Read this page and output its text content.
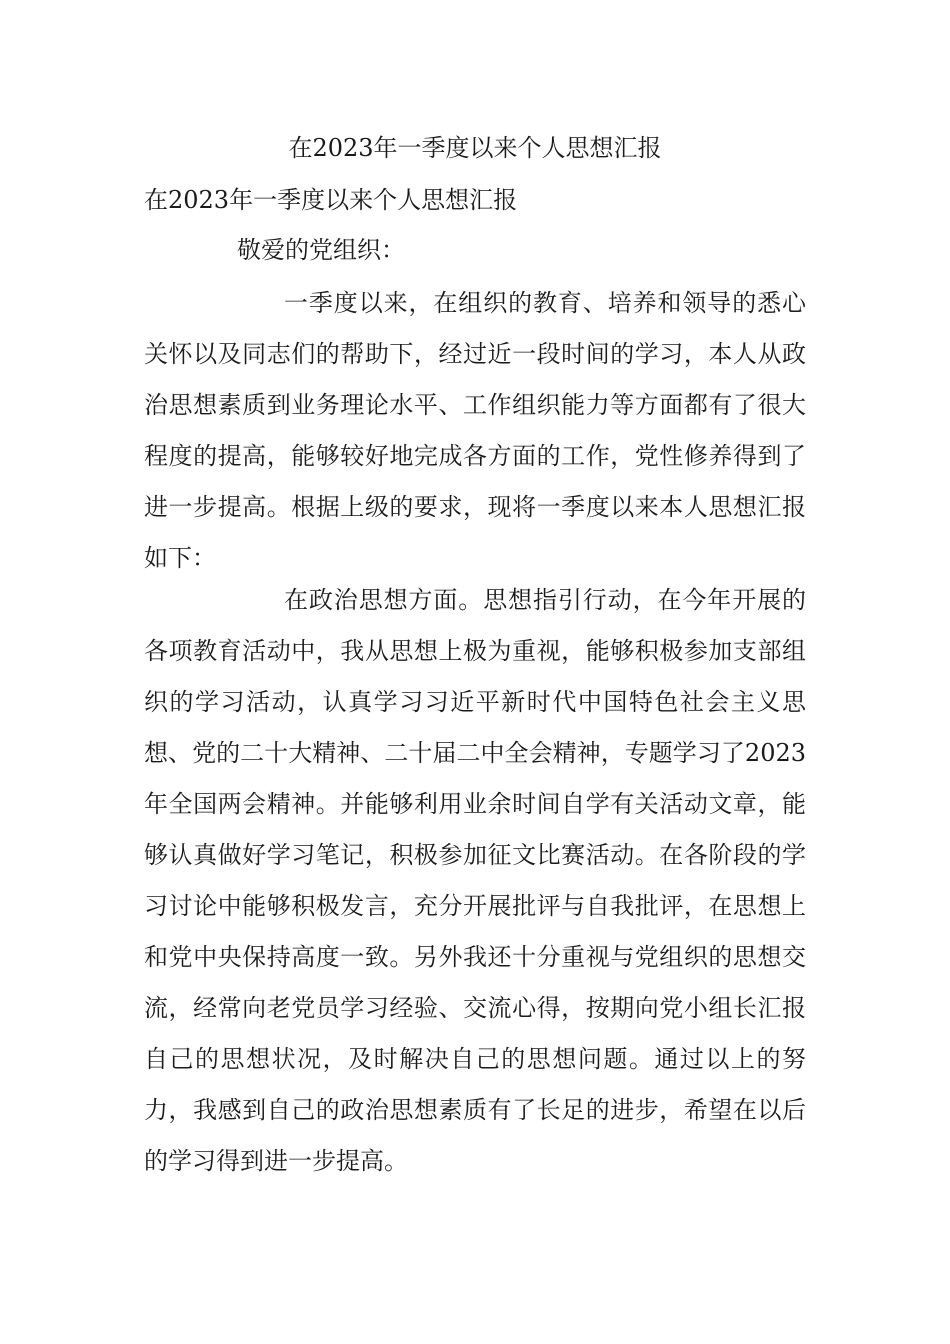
在2023年一季度以来个人思想汇报
在2023年一季度以来个人思想汇报

敬爱的党组织：

一季度以来，在组织的教育、培养和领导的悉心关怀以及同志们的帮助下，经过近一段时间的学习，本人从政治思想素质到业务理论水平、工作组织能力等方面都有了很大程度的提高，能够较好地完成各方面的工作，党性修养得到了进一步提高。根据上级的要求，现将一季度以来本人思想汇报如下：

在政治思想方面。思想指引行动，在今年开展的各项教育活动中，我从思想上极为重视，能够积极参加支部组织的学习活动，认真学习习近平新时代中国特色社会主义思想、党的二十大精神、二十届二中全会精神，专题学习了2023年全国两会精神。并能够利用业余时间自学有关活动文章，能够认真做好学习笔记，积极参加征文比赛活动。在各阶段的学习讨论中能够积极发言，充分开展批评与自我批评，在思想上和党中央保持高度一致。另外我还十分重视与党组织的思想交流，经常向老党员学习经验、交流心得，按期向党小组长汇报自己的思想状况，及时解决自己的思想问题。通过以上的努力，我感到自己的政治思想素质有了长足的进步，希望在以后的学习得到进一步提高。
